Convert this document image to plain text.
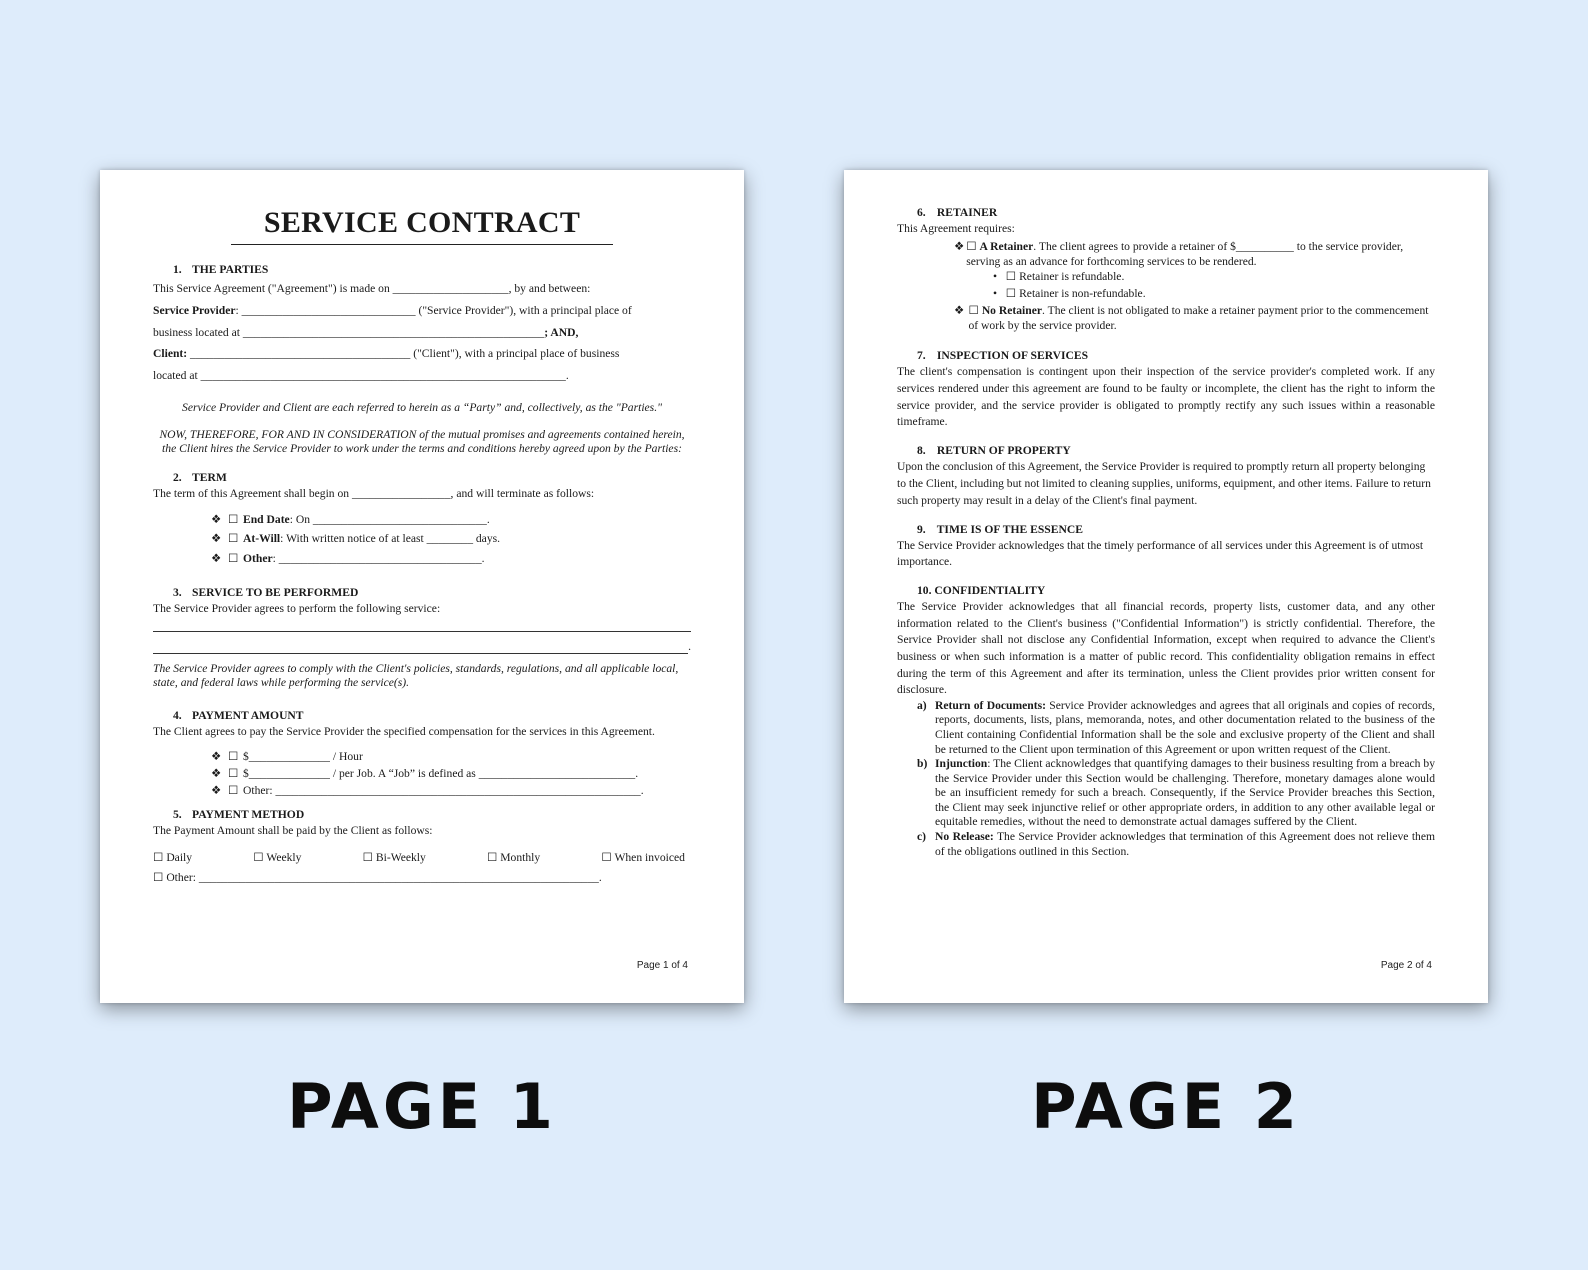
SERVICE CONTRACT
1. THE PARTIES
This Service Agreement ("Agreement") is made on ____________________, by and between:
Service Provider: ______________________________ ("Service Provider"), with a principal place of
business located at ____________________________________________________; AND,
Client: ______________________________________ ("Client"), with a principal place of business
located at _______________________________________________________________.
Service Provider and Client are each referred to herein as a “Party” and, collectively, as the "Parties."
NOW, THEREFORE, FOR AND IN CONSIDERATION of the mutual promises and agreements contained herein, the Client hires the Service Provider to work under the terms and conditions hereby agreed upon by the Parties:
2. TERM
The term of this Agreement shall begin on _________________, and will terminate as follows:
❖ ☐ End Date: On ______________________________.
❖ ☐ At-Will: With written notice of at least ________ days.
❖ ☐ Other: ___________________________________.
3. SERVICE TO BE PERFORMED
The Service Provider agrees to perform the following service:
.
The Service Provider agrees to comply with the Client's policies, standards, regulations, and all applicable local, state, and federal laws while performing the service(s).
4. PAYMENT AMOUNT
The Client agrees to pay the Service Provider the specified compensation for the services in this Agreement.
❖ ☐ $______________ / Hour
❖ ☐ $______________ / per Job. A “Job” is defined as ___________________________.
❖ ☐ Other: _______________________________________________________________.
5. PAYMENT METHOD
The Payment Amount shall be paid by the Client as follows:
☐ Daily	☐ Weekly	☐ Bi-Weekly	☐ Monthly	☐ When invoiced
☐ Other: _____________________________________________________________________.
Page 1 of 4
6. RETAINER
This Agreement requires:
❖ ☐ A Retainer. The client agrees to provide a retainer of $__________ to the service provider, serving as an advance for forthcoming services to be rendered.
• ☐ Retainer is refundable.
• ☐ Retainer is non-refundable.
❖ ☐ No Retainer. The client is not obligated to make a retainer payment prior to the commencement of work by the service provider.
7. INSPECTION OF SERVICES
The client's compensation is contingent upon their inspection of the service provider's completed work. If any services rendered under this agreement are found to be faulty or incomplete, the client has the right to inform the service provider, and the service provider is obligated to promptly rectify any such issues within a reasonable timeframe.
8. RETURN OF PROPERTY
Upon the conclusion of this Agreement, the Service Provider is required to promptly return all property belonging to the Client, including but not limited to cleaning supplies, uniforms, equipment, and other items. Failure to return such property may result in a delay of the Client's final payment.
9. TIME IS OF THE ESSENCE
The Service Provider acknowledges that the timely performance of all services under this Agreement is of utmost importance.
10. CONFIDENTIALITY
The Service Provider acknowledges that all financial records, property lists, customer data, and any other information related to the Client's business ("Confidential Information") is strictly confidential. Therefore, the Service Provider shall not disclose any Confidential Information, except when required to advance the Client's business or when such information is a matter of public record. This confidentiality obligation remains in effect during the term of this Agreement and after its termination, unless the Client provides prior written consent for disclosure.
a) Return of Documents: Service Provider acknowledges and agrees that all originals and copies of records, reports, documents, lists, plans, memoranda, notes, and other documentation related to the business of the Client containing Confidential Information shall be the sole and exclusive property of the Client and shall be returned to the Client upon termination of this Agreement or upon written request of the Client.
b) Injunction: The Client acknowledges that quantifying damages to their business resulting from a breach by the Service Provider under this Section would be challenging. Therefore, monetary damages alone would be an insufficient remedy for such a breach. Consequently, if the Service Provider breaches this Section, the Client may seek injunctive relief or other appropriate orders, in addition to any other available legal or equitable remedies, without the need to demonstrate actual damages suffered by the Client.
c) No Release: The Service Provider acknowledges that termination of this Agreement does not relieve them of the obligations outlined in this Section.
Page 2 of 4
PAGE 1	PAGE 2
